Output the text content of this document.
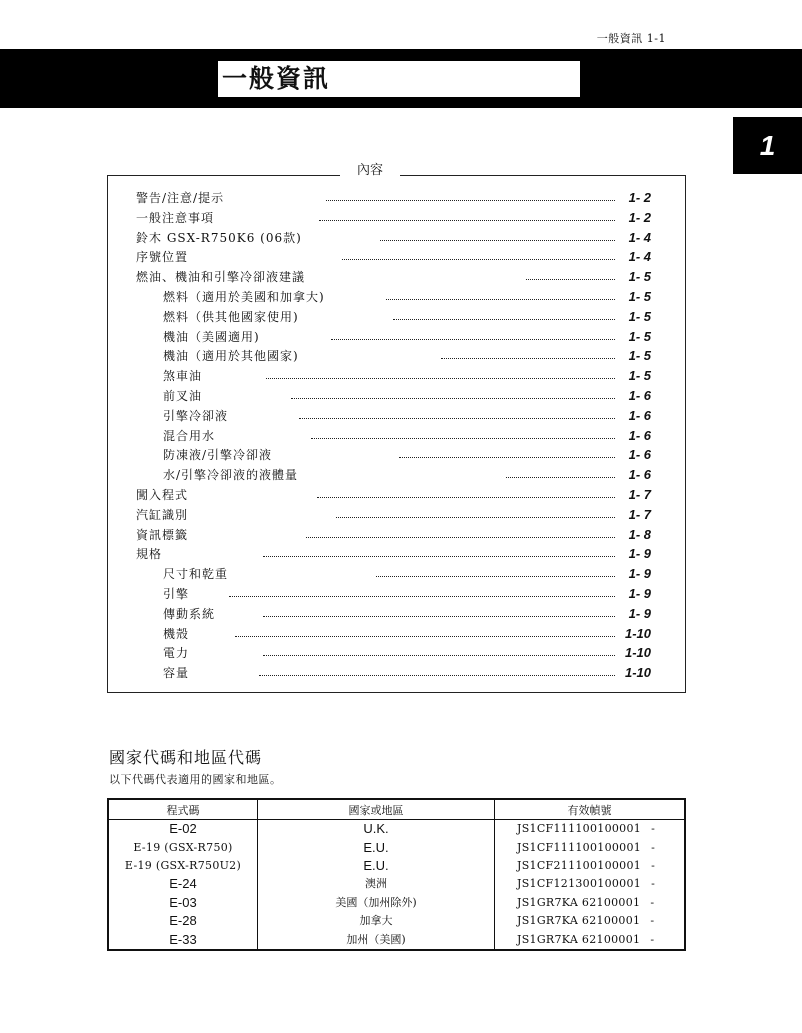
一般資訊 1-1
一般資訊
1
內容
警告/注意/提示	1- 2
一般注意事項	1- 2
鈴木 GSX-R750K6 (06款)	1- 4
序號位置	1- 4
燃油、機油和引擎冷卻液建議	1- 5
燃料（適用於美國和加拿大)	1- 5
燃料（供其他國家使用)	1- 5
機油（美國適用)	1- 5
機油（適用於其他國家)	1- 5
煞車油	1- 5
前叉油	1- 6
引擎冷卻液	1- 6
混合用水	1- 6
防凍液/引擎冷卻液	1- 6
水/引擎冷卻液的液體量	1- 6
闖入程式	1- 7
汽缸識別	1- 7
資訊標籤	1- 8
規格	1- 9
尺寸和乾重	1- 9
引擎	1- 9
傳動系統	1- 9
機殼	1-10
電力	1-10
容量	1-10
國家代碼和地區代碼
以下代碼代表適用的國家和地區。
程式碼	國家或地區	有效幀號
E-02	U.K.	JS1CF111100100001 -
E-19 (GSX-R750)	E.U.	JS1CF111100100001 -
E-19 (GSX-R750U2)	E.U.	JS1CF211100100001 -
E-24	澳洲	JS1CF121300100001 -
E-03	美國（加州除外)	JS1GR7KA 62100001 -
E-28	加拿大	JS1GR7KA 62100001 -
E-33	加州（美國)	JS1GR7KA 62100001 -
